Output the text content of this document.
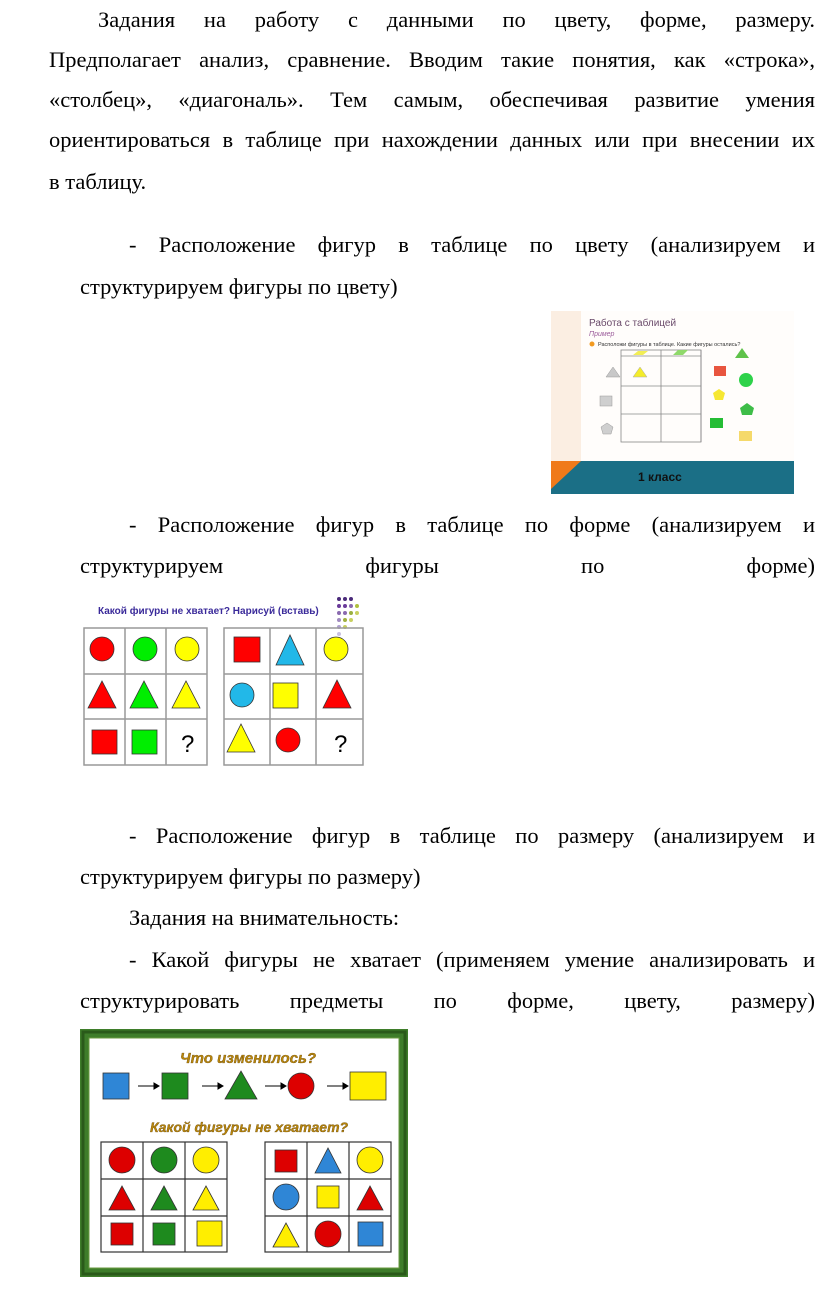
Задания на работу с данными по цвету, форме, размеру.
Предполагает анализ, сравнение. Вводим такие понятия, как «строка»,
«столбец», «диагональ». Тем самым, обеспечивая развитие умения
ориентироваться в таблице при нахождении данных или при внесении их
в таблицу.
- Расположение фигур в таблице по цвету (анализируем и
структурируем фигуры по цвету)
Работа с таблицей
Пример
Расположи фигуры в таблице. Какие фигуры остались?
1 класс
- Расположение фигур в таблице по форме (анализируем и
структурируем фигуры по форме)
Какой фигуры не хватает? Нарисуй (вставь)
?	?
- Расположение фигур в таблице по размеру (анализируем и
структурируем фигуры по размеру)
Задания на внимательность:
- Какой фигуры не хватает (применяем умение анализировать и
структурировать предметы по форме, цвету, размеру)
Что изменилось?
Какой фигуры не хватает?
